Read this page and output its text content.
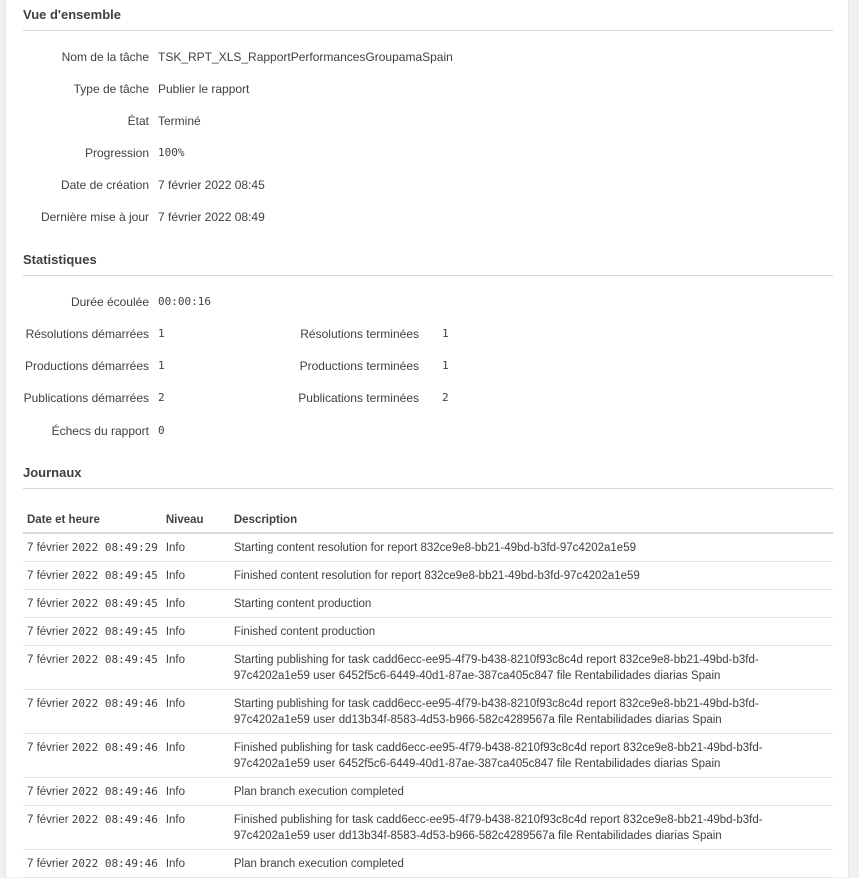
Vue d'ensemble
Nom de la tâche TSK_RPT_XLS_RapportPerformancesGroupamaSpain
Type de tâche Publier le rapport
État Terminé
Progression 100%
Date de création 7 février 2022 08:45
Dernière mise à jour 7 février 2022 08:49
Statistiques
Durée écoulée 00:00:16
Résolutions démarrées 1	Résolutions terminées 1
Productions démarrées 1	Productions terminées 1
Publications démarrées 2	Publications terminées 2
Échecs du rapport 0
Journaux
Date et heure	Niveau	Description
7 février 2022 08:49:29	Info	Starting content resolution for report 832ce9e8-bb21-49bd-b3fd-97c4202a1e59
7 février 2022 08:49:45	Info	Finished content resolution for report 832ce9e8-bb21-49bd-b3fd-97c4202a1e59
7 février 2022 08:49:45	Info	Starting content production
7 février 2022 08:49:45	Info	Finished content production
7 février 2022 08:49:45	Info	Starting publishing for task cadd6ecc-ee95-4f79-b438-8210f93c8c4d report 832ce9e8-bb21-49bd-b3fd-97c4202a1e59 user 6452f5c6-6449-40d1-87ae-387ca405c847 file Rentabilidades diarias Spain
7 février 2022 08:49:46	Info	Starting publishing for task cadd6ecc-ee95-4f79-b438-8210f93c8c4d report 832ce9e8-bb21-49bd-b3fd-97c4202a1e59 user dd13b34f-8583-4d53-b966-582c4289567a file Rentabilidades diarias Spain
7 février 2022 08:49:46	Info	Finished publishing for task cadd6ecc-ee95-4f79-b438-8210f93c8c4d report 832ce9e8-bb21-49bd-b3fd-97c4202a1e59 user 6452f5c6-6449-40d1-87ae-387ca405c847 file Rentabilidades diarias Spain
7 février 2022 08:49:46	Info	Plan branch execution completed
7 février 2022 08:49:46	Info	Finished publishing for task cadd6ecc-ee95-4f79-b438-8210f93c8c4d report 832ce9e8-bb21-49bd-b3fd-97c4202a1e59 user dd13b34f-8583-4d53-b966-582c4289567a file Rentabilidades diarias Spain
7 février 2022 08:49:46	Info	Plan branch execution completed
